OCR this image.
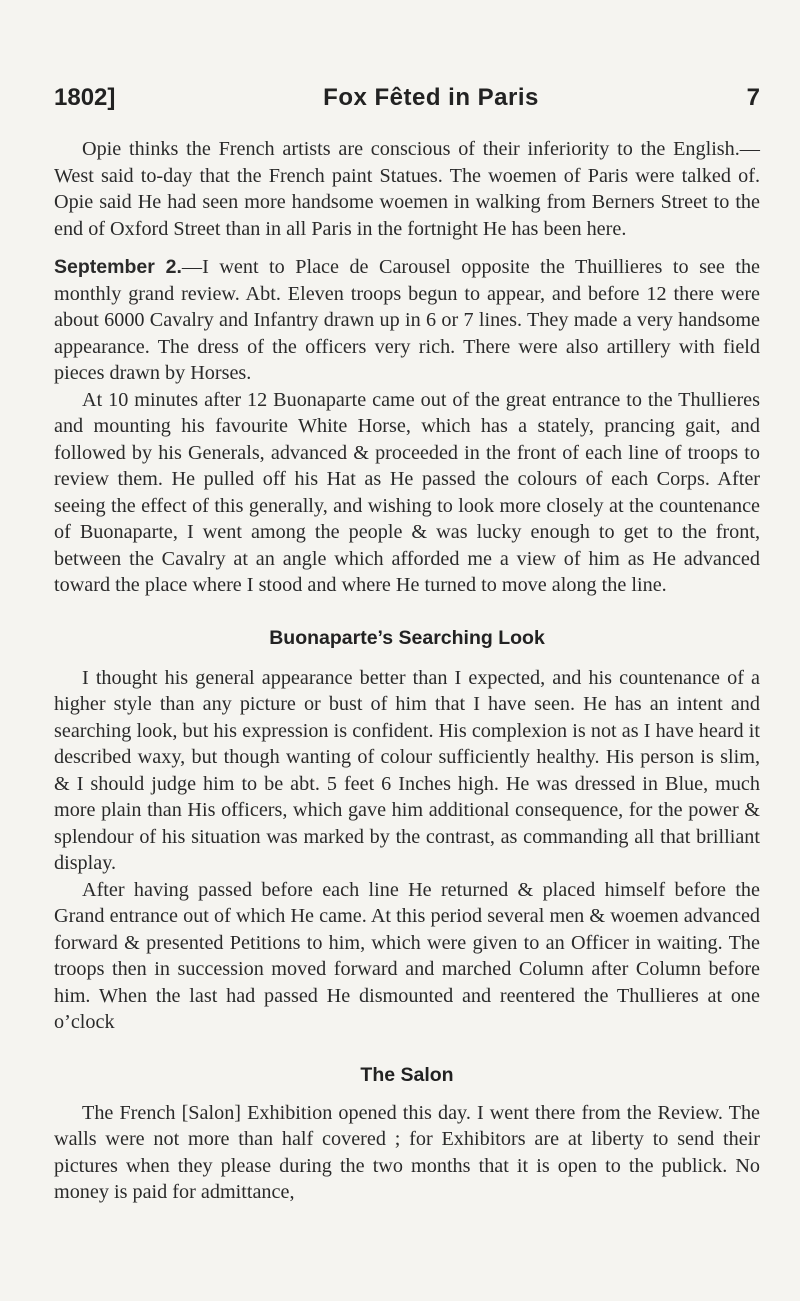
1802]	Fox Fêted in Paris	7

Opie thinks the French artists are conscious of their inferiority to the English.—West said to-day that the French paint Statues. The woemen of Paris were talked of. Opie said He had seen more handsome woemen in walking from Berners Street to the end of Oxford Street than in all Paris in the fortnight He has been here.

September 2.—I went to Place de Carousel opposite the Thuillieres to see the monthly grand review. Abt. Eleven troops begun to appear, and before 12 there were about 6000 Cavalry and Infantry drawn up in 6 or 7 lines. They made a very handsome appearance. The dress of the officers very rich. There were also artillery with field pieces drawn by Horses.

At 10 minutes after 12 Buonaparte came out of the great entrance to the Thullieres and mounting his favourite White Horse, which has a stately, prancing gait, and followed by his Generals, advanced & proceeded in the front of each line of troops to review them. He pulled off his Hat as He passed the colours of each Corps. After seeing the effect of this generally, and wishing to look more closely at the countenance of Buonaparte, I went among the people & was lucky enough to get to the front, between the Cavalry at an angle which afforded me a view of him as He advanced toward the place where I stood and where He turned to move along the line.

Buonaparte’s Searching Look

I thought his general appearance better than I expected, and his countenance of a higher style than any picture or bust of him that I have seen. He has an intent and searching look, but his expression is confident. His complexion is not as I have heard it described waxy, but though wanting of colour sufficiently healthy. His person is slim, & I should judge him to be abt. 5 feet 6 Inches high. He was dressed in Blue, much more plain than His officers, which gave him additional consequence, for the power & splendour of his situation was marked by the contrast, as commanding all that brilliant display.

After having passed before each line He returned & placed himself before the Grand entrance out of which He came. At this period several men & woemen advanced forward & presented Petitions to him, which were given to an Officer in waiting. The troops then in succession moved forward and marched Column after Column before him. When the last had passed He dismounted and reentered the Thullieres at one o’clock

The Salon

The French [Salon] Exhibition opened this day. I went there from the Review. The walls were not more than half covered ; for Exhibitors are at liberty to send their pictures when they please during the two months that it is open to the publick. No money is paid for admittance,
